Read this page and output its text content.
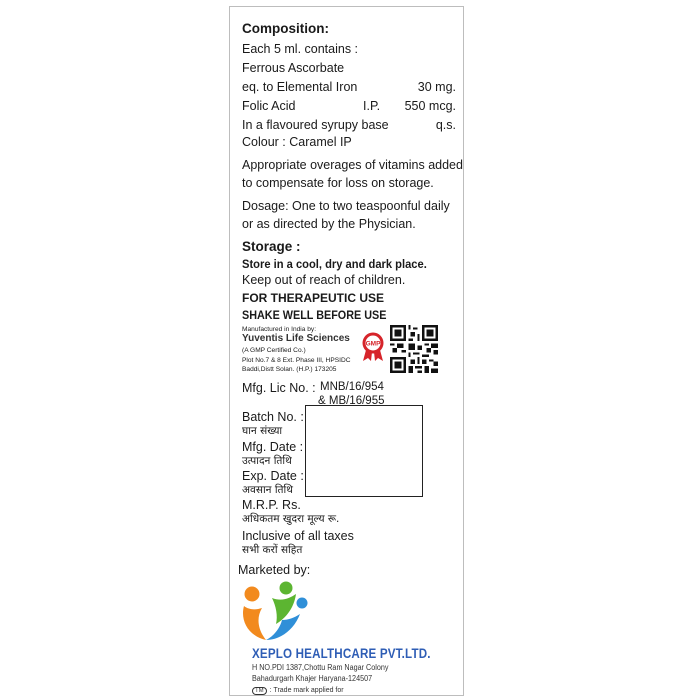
Composition:
Each 5 ml. contains :
Ferrous Ascorbate
eq. to Elemental Iron	30 mg.
Folic Acid	I.P. 550 mcg.
In a flavoured syrupy base	q.s.
Colour : Caramel IP
Appropriate overages of vitamins added
to compensate for loss on storage.
Dosage: One to two teaspoonful daily
or as directed by the Physician.
Storage :
Store in a cool, dry and dark place.
Keep out of reach of children.
FOR THERAPEUTIC USE
SHAKE WELL BEFORE USE
Manufactured in India by:
Yuventis Life Sciences
(A GMP Certified Co.)
Plot No.7 & 8 Ext. Phase III, HPSIDC
Baddi,Distt Solan. (H.P.) 173205
GMP
Mfg. Lic No. : MNB/16/954
& MB/16/955
Batch No. :
घान संख्या
Mfg. Date :
उत्पादन तिथि
Exp. Date :
अवसान तिथि
M.R.P. Rs.
अधिकतम खुदरा मूल्य रू.
Inclusive of all taxes
सभी करों सहित
Marketed by:
XEPLO HEALTHCARE PVT.LTD.
H NO.PDI 1387,Chottu Ram Nagar Colony
Bahadurgarh Khajer Haryana-124507
TM : Trade mark applied for
